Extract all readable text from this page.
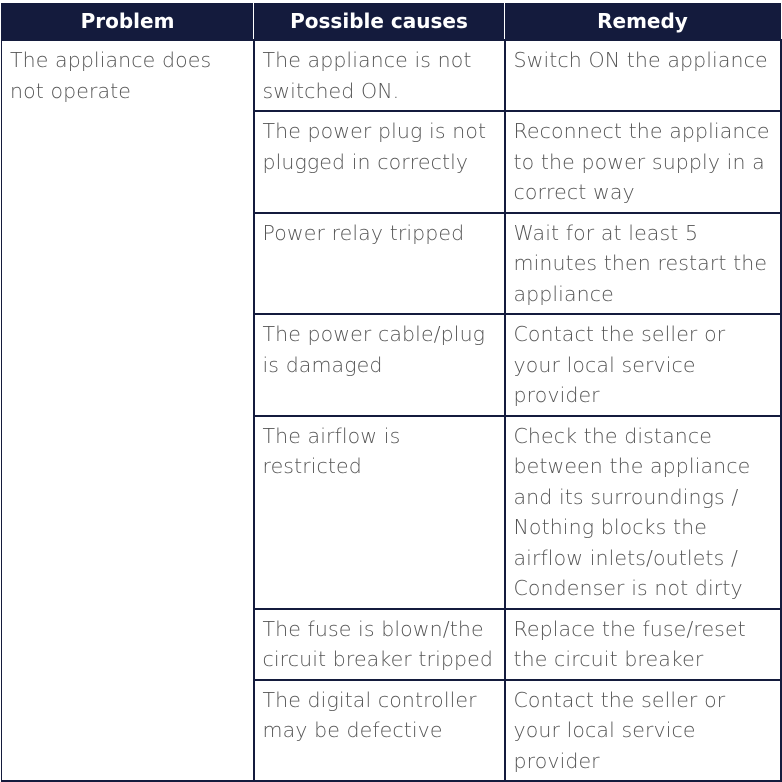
Problem	Possible causes	Remedy
The appliance does not operate	The appliance is not switched ON.	Switch ON the appliance
	The power plug is not plugged in correctly	Reconnect the appliance to the power supply in a correct way
	Power relay tripped	Wait for at least 5 minutes then restart the appliance
	The power cable/plug is damaged	Contact the seller or your local service provider
	The airflow is restricted	Check the distance between the appliance and its surroundings / Nothing blocks the airflow inlets/outlets / Condenser is not dirty
	The fuse is blown/the circuit breaker tripped	Replace the fuse/reset the circuit breaker
	The digital controller may be defective	Contact the seller or your local service provider
